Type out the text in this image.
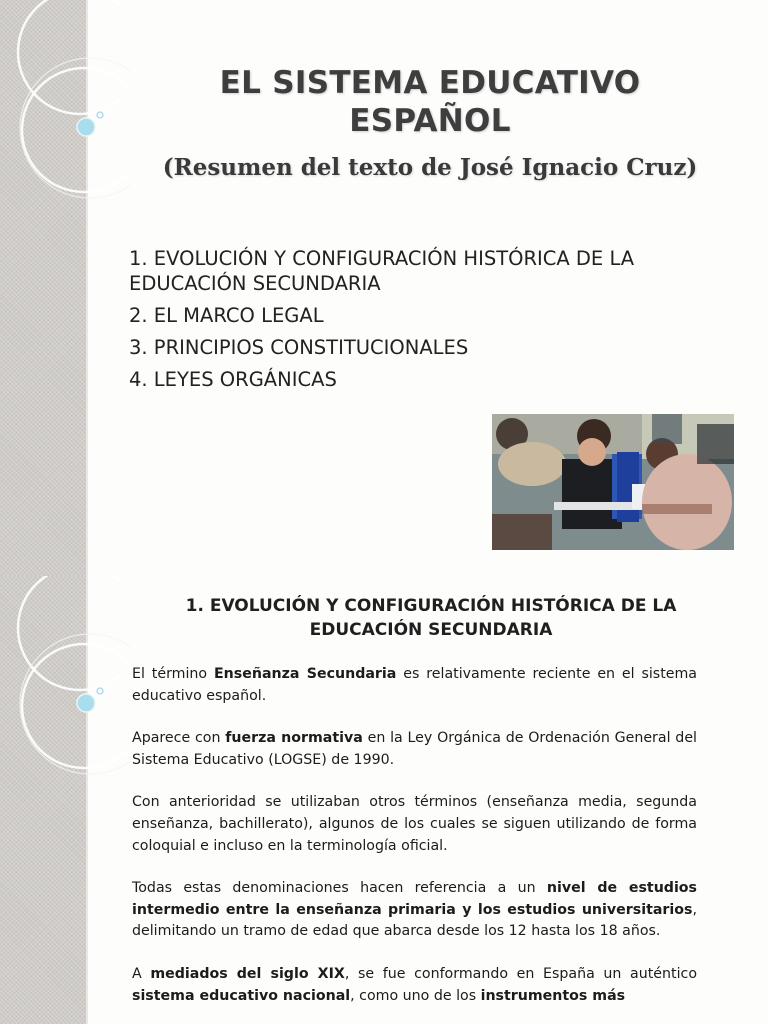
EL SISTEMA EDUCATIVO
ESPAÑOL
(Resumen del texto de José Ignacio Cruz)
1. EVOLUCIÓN Y CONFIGURACIÓN HISTÓRICA DE LA EDUCACIÓN SECUNDARIA
2. EL MARCO LEGAL
3. PRINCIPIOS CONSTITUCIONALES
4. LEYES ORGÁNICAS
1. EVOLUCIÓN Y CONFIGURACIÓN HISTÓRICA DE LA
EDUCACIÓN SECUNDARIA

El término Enseñanza Secundaria es relativamente reciente en el sistema educativo español.

Aparece con fuerza normativa en la Ley Orgánica de Ordenación General del Sistema Educativo (LOGSE) de 1990.

Con anterioridad se utilizaban otros términos (enseñanza media, segunda enseñanza, bachillerato), algunos de los cuales se siguen utilizando de forma coloquial e incluso en la terminología oficial.

Todas estas denominaciones hacen referencia a un nivel de estudios intermedio entre la enseñanza primaria y los estudios universitarios, delimitando un tramo de edad que abarca desde los 12 hasta los 18 años.

A mediados del siglo XIX, se fue conformando en España un auténtico sistema educativo nacional, como uno de los instrumentos más
